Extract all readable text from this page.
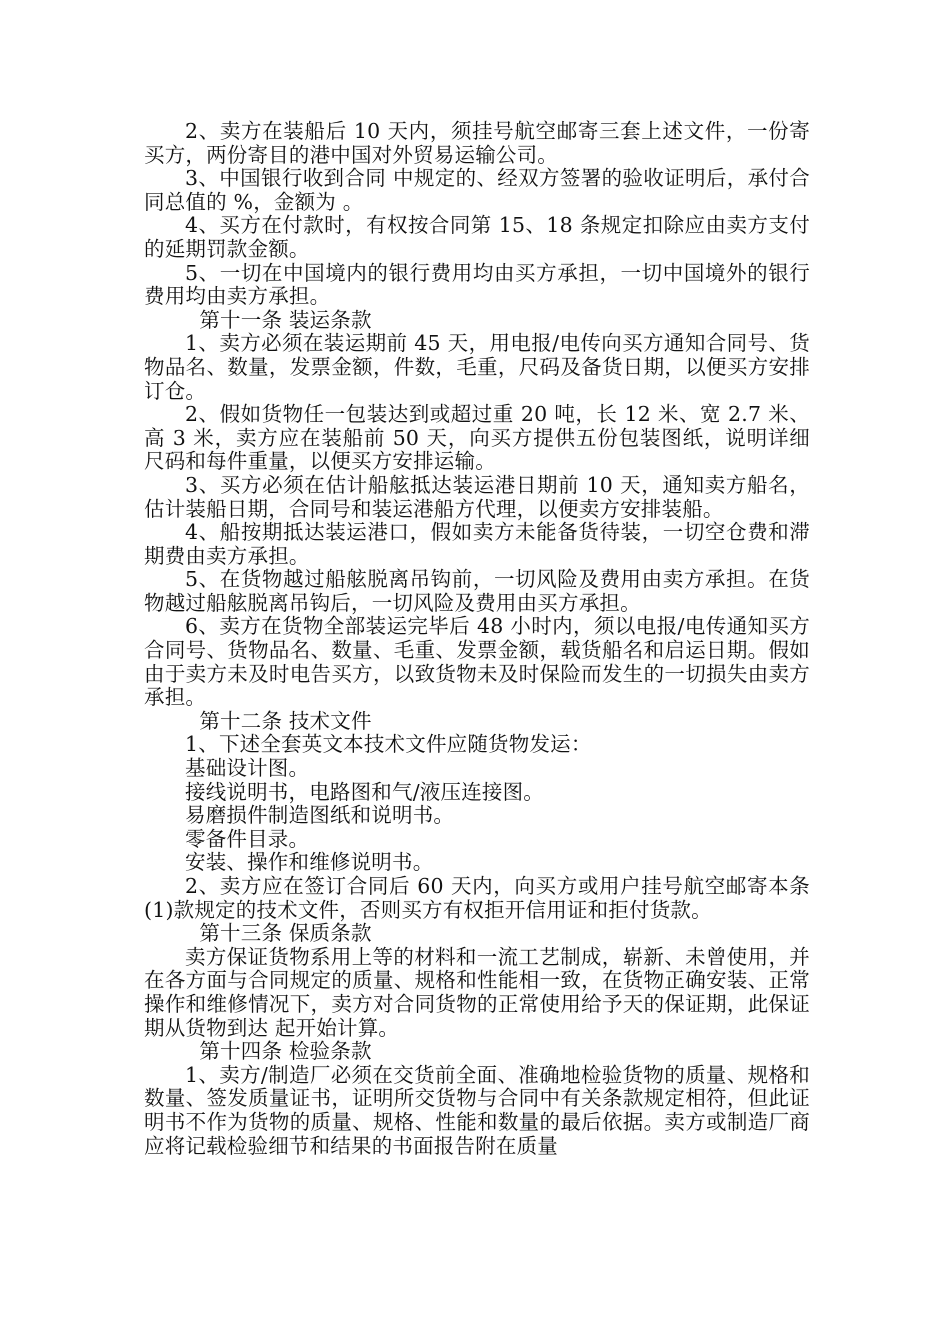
2、卖方在装船后 10 天内，须挂号航空邮寄三套上述文件，一份寄买方，两份寄目的港中国对外贸易运输公司。

3、中国银行收到合同 中规定的、经双方签署的验收证明后，承付合同总值的 %，金额为 。

4、买方在付款时，有权按合同第 15、18 条规定扣除应由卖方支付的延期罚款金额。

5、一切在中国境内的银行费用均由买方承担，一切中国境外的银行费用均由卖方承担。

第十一条 装运条款

1、卖方必须在装运期前 45 天，用电报/电传向买方通知合同号、货物品名、数量，发票金额，件数，毛重，尺码及备货日期，以便买方安排订仓。

2、假如货物任一包装达到或超过重 20 吨，长 12 米、宽 2.7 米、高 3 米，卖方应在装船前 50 天，向买方提供五份包装图纸，说明详细尺码和每件重量，以便买方安排运输。

3、买方必须在估计船舷抵达装运港日期前 10 天，通知卖方船名，估计装船日期，合同号和装运港船方代理，以便卖方安排装船。

4、船按期抵达装运港口，假如卖方未能备货待装，一切空仓费和滞期费由卖方承担。

5、在货物越过船舷脱离吊钩前，一切风险及费用由卖方承担。在货物越过船舷脱离吊钩后，一切风险及费用由买方承担。

6、卖方在货物全部装运完毕后 48 小时内，须以电报/电传通知买方合同号、货物品名、数量、毛重、发票金额，载货船名和启运日期。假如由于卖方未及时电告买方，以致货物未及时保险而发生的一切损失由卖方承担。

第十二条 技术文件

1、下述全套英文本技术文件应随货物发运：

基础设计图。

接线说明书，电路图和气/液压连接图。

易磨损件制造图纸和说明书。

零备件目录。

安装、操作和维修说明书。

2、卖方应在签订合同后 60 天内，向买方或用户挂号航空邮寄本条(1)款规定的技术文件，否则买方有权拒开信用证和拒付货款。

第十三条 保质条款

卖方保证货物系用上等的材料和一流工艺制成，崭新、未曾使用，并在各方面与合同规定的质量、规格和性能相一致，在货物正确安装、正常操作和维修情况下，卖方对合同货物的正常使用给予天的保证期，此保证期从货物到达 起开始计算。

第十四条 检验条款

1、卖方/制造厂必须在交货前全面、准确地检验货物的质量、规格和数量、签发质量证书，证明所交货物与合同中有关条款规定相符，但此证明书不作为货物的质量、规格、性能和数量的最后依据。卖方或制造厂商应将记载检验细节和结果的书面报告附在质量
